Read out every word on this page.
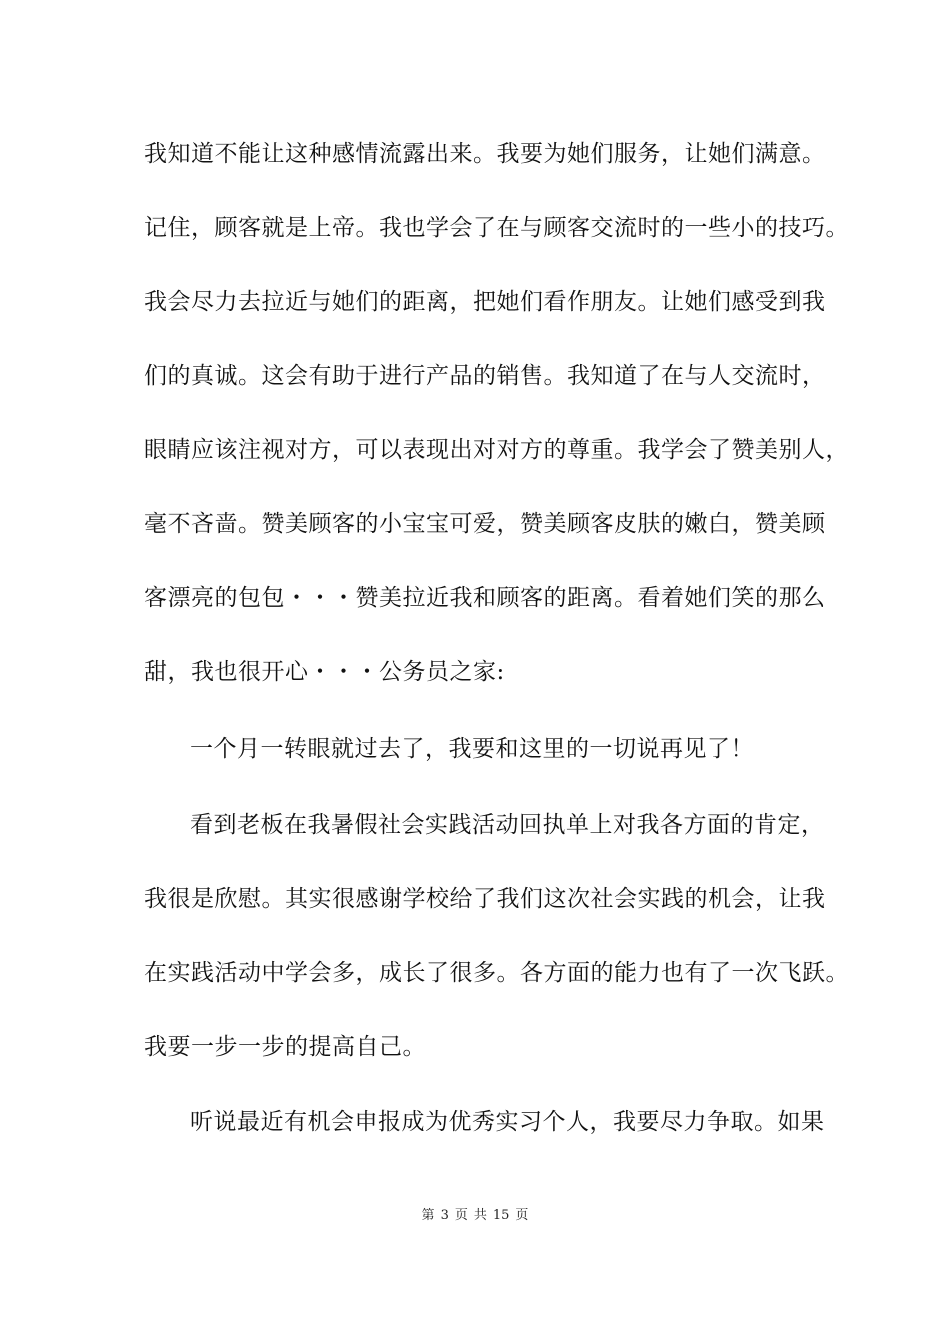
我知道不能让这种感情流露出来。我要为她们服务，让她们满意。
记住，顾客就是上帝。我也学会了在与顾客交流时的一些小的技巧。
我会尽力去拉近与她们的距离，把她们看作朋友。让她们感受到我
们的真诚。这会有助于进行产品的销售。我知道了在与人交流时，
眼睛应该注视对方，可以表现出对对方的尊重。我学会了赞美别人，
毫不吝啬。赞美顾客的小宝宝可爱，赞美顾客皮肤的嫩白，赞美顾
客漂亮的包包・・・赞美拉近我和顾客的距离。看着她们笑的那么
甜，我也很开心・・・公务员之家:
一个月一转眼就过去了，我要和这里的一切说再见了！
看到老板在我暑假社会实践活动回执单上对我各方面的肯定，
我很是欣慰。其实很感谢学校给了我们这次社会实践的机会，让我
在实践活动中学会多，成长了很多。各方面的能力也有了一次飞跃。
我要一步一步的提高自己。
听说最近有机会申报成为优秀实习个人，我要尽力争取。如果
第 3 页 共 15 页
